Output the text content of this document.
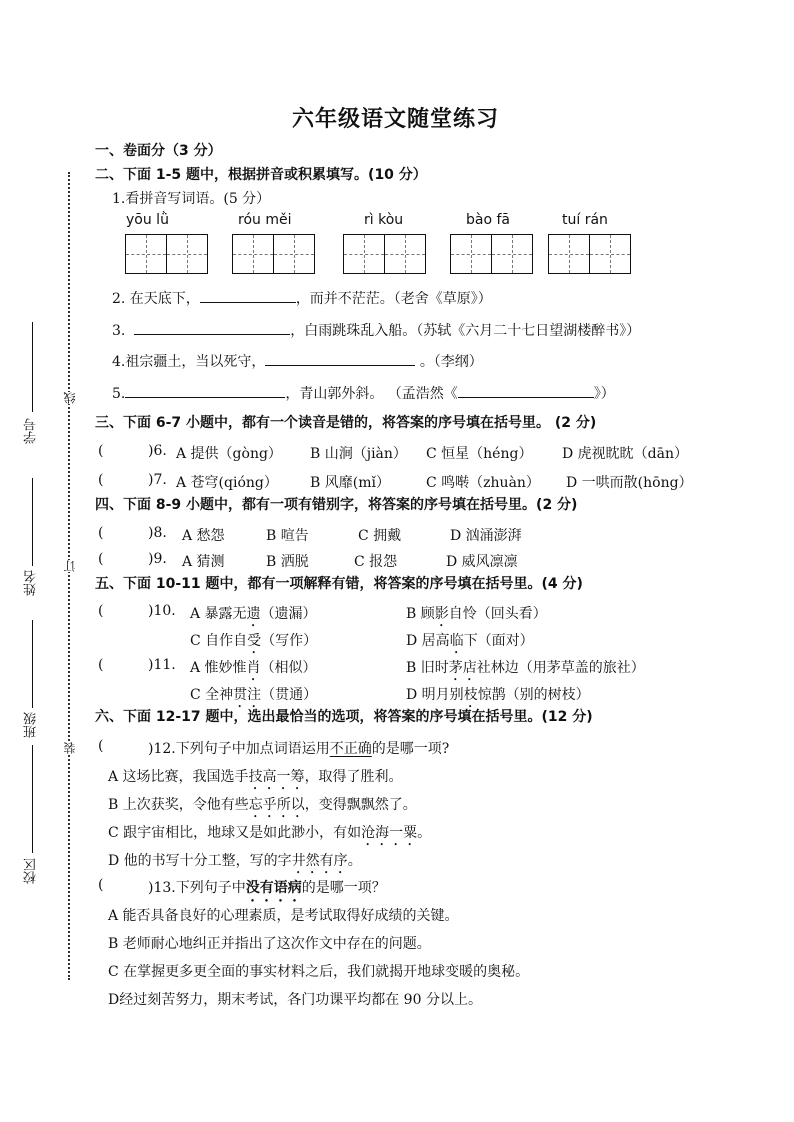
线
订
装
学号
姓名
班级
校区
六年级语文随堂练习
一、卷面分（3 分）
二、下面 1-5 题中，根据拼音或积累填写。(10 分）
1.看拼音写词语。(5 分）
yōu lǜ	róu měi	rì kòu	bào fā	tuí rán
2. 在天底下，	，而并不茫茫。（老舍《草原》）
3.	，白雨跳珠乱入船。（苏轼《六月二十七日望湖楼醉书》）
4.祖宗疆土，当以死守，	。（李纲）
5.	，青山郭外斜。 （孟浩然《	》）
三、下面 6-7 小题中，都有一个读音是错的，将答案的序号填在括号里。 (2 分)
(	)6. A 提供（gòng） B 山涧（jiàn） C 恒星（héng） D 虎视眈眈（dān）
(	)7. A 苍穹(qióng） B 风靡(mǐ）	C 鸣啭（zhuàn） D 一哄而散(hōng）
四、下面 8-9 小题中，都有一项有错别字，将答案的序号填在括号里。(2 分)
(	)8. A 愁怨	B 喧告	C 拥戴	D 汹涌澎湃
(	)9. A 猜测	B 洒脱	C 报怨	D 威风凛凛
五、下面 10-11 题中，都有一项解释有错，将答案的序号填在括号里。(4 分)
(	)10. A 暴露无遗（遗漏）	B 顾影自怜（回头看）
C 自作自受（写作）	D 居高临下（面对）
(	)11. A 惟妙惟肖（相似）	B 旧时茅店社林边（用茅草盖的旅社）
C 全神贯注（贯通）	D 明月别枝惊鹊（别的树枝）
六、下面 12-17 题中，选出最恰当的选项，将答案的序号填在括号里。(12 分)
(	)12.下列句子中加点词语运用不正确的是哪一项?
A 这场比赛，我国选手技高一筹，取得了胜利。
B 上次获奖，令他有些忘乎所以，变得飘飘然了。
C 跟宇宙相比，地球又是如此渺小，有如沧海一粟。
D 他的书写十分工整，写的字井然有序。
(	)13.下列句子中没有语病的是哪一项？
A 能否具备良好的心理素质，是考试取得好成绩的关键。
B 老师耐心地纠正并指出了这次作文中存在的问题。
C 在掌握更多更全面的事实材料之后，我们就揭开地球变暖的奥秘。
D经过刻苦努力，期末考试，各门功课平均都在 90 分以上。
